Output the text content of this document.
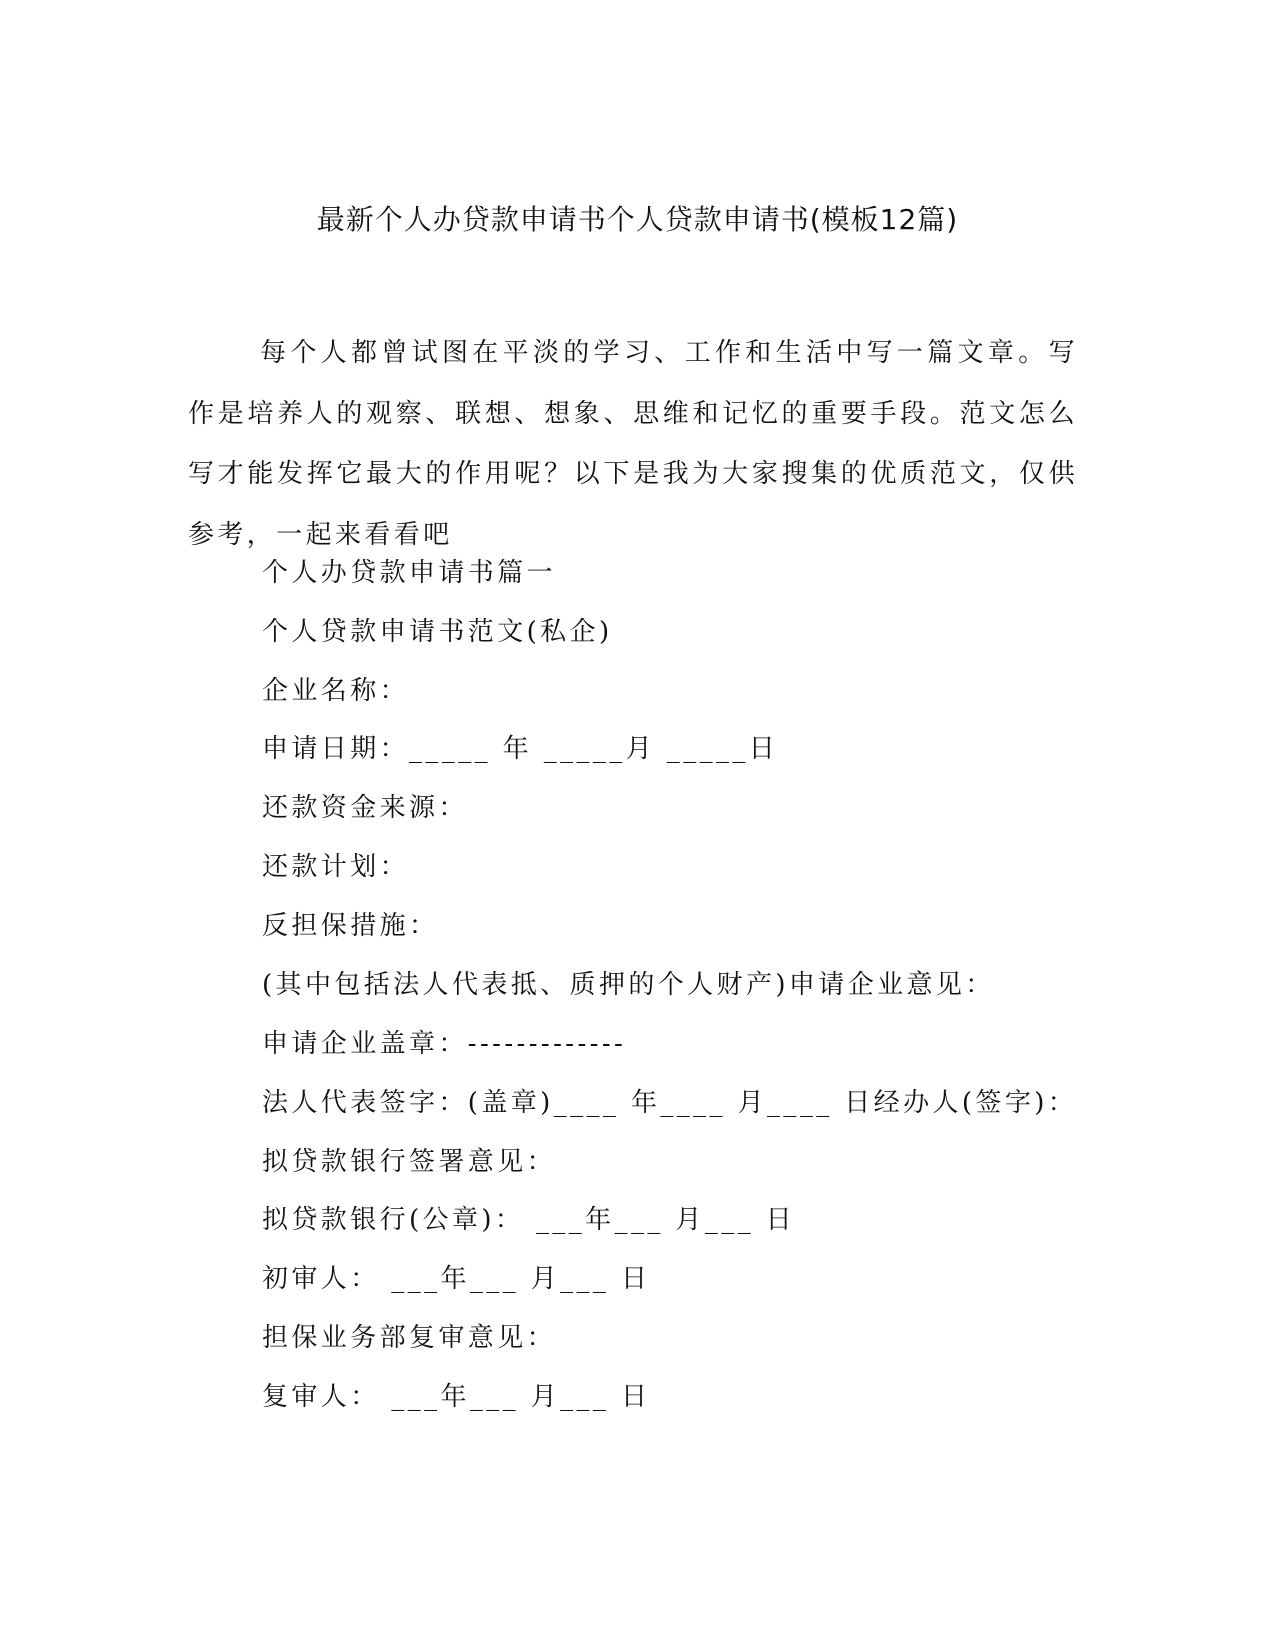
最新个人办贷款申请书个人贷款申请书(模板12篇)

每个人都曾试图在平淡的学习、工作和生活中写一篇文章。写作是培养人的观察、联想、想象、思维和记忆的重要手段。范文怎么写才能发挥它最大的作用呢？以下是我为大家搜集的优质范文，仅供参考，一起来看看吧

个人办贷款申请书篇一

个人贷款申请书范文(私企)

企业名称：

申请日期：_____ 年 _____月 _____日

还款资金来源：

还款计划：

反担保措施：

(其中包括法人代表抵、质押的个人财产)申请企业意见：

申请企业盖章：-------------

法人代表签字：(盖章)____ 年____ 月____ 日经办人(签字)：

拟贷款银行签署意见：

拟贷款银行(公章)： ___年___ 月___ 日

初审人： ___年___ 月___ 日

担保业务部复审意见：

复审人： ___年___ 月___ 日
